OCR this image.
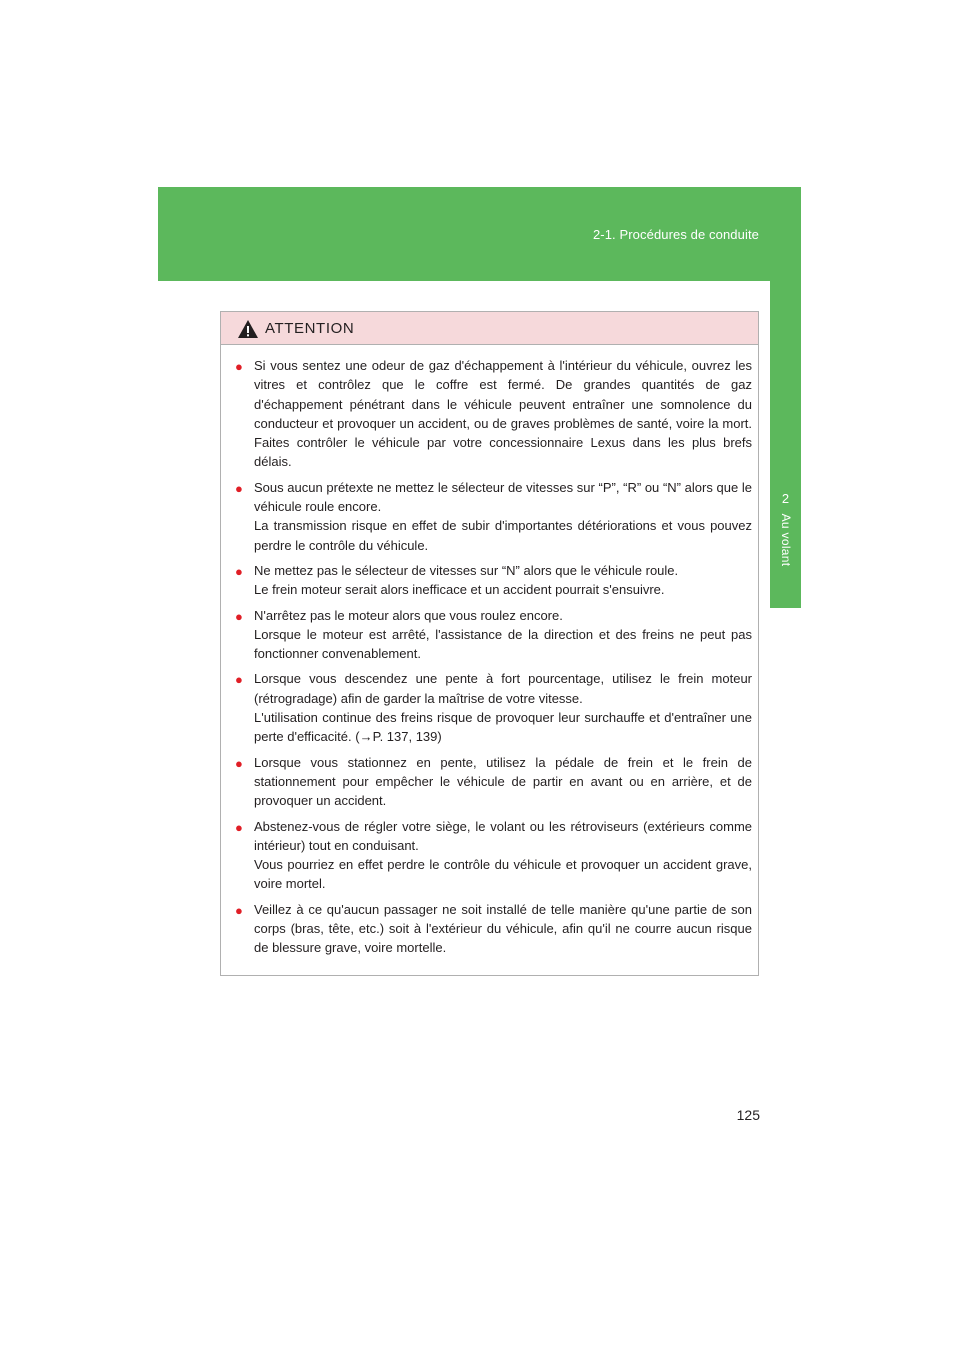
2-1. Procédures de conduite
2
Au volant
ATTENTION
● Si vous sentez une odeur de gaz d'échappement à l'intérieur du véhicule, ouvrez les vitres et contrôlez que le coffre est fermé. De grandes quantités de gaz d'échappement pénétrant dans le véhicule peuvent entraîner une somnolence du conducteur et provoquer un accident, ou de graves problèmes de santé, voire la mort. Faites contrôler le véhicule par votre concessionnaire Lexus dans les plus brefs délais.
● Sous aucun prétexte ne mettez le sélecteur de vitesses sur “P”, “R” ou “N” alors que le véhicule roule encore.
La transmission risque en effet de subir d'importantes détériorations et vous pouvez perdre le contrôle du véhicule.
● Ne mettez pas le sélecteur de vitesses sur “N” alors que le véhicule roule.
Le frein moteur serait alors inefficace et un accident pourrait s'ensuivre.
● N'arrêtez pas le moteur alors que vous roulez encore.
Lorsque le moteur est arrêté, l'assistance de la direction et des freins ne peut pas fonctionner convenablement.
● Lorsque vous descendez une pente à fort pourcentage, utilisez le frein moteur (rétrogradage) afin de garder la maîtrise de votre vitesse.
L'utilisation continue des freins risque de provoquer leur surchauffe et d'entraîner une perte d'efficacité. (→P. 137, 139)
● Lorsque vous stationnez en pente, utilisez la pédale de frein et le frein de stationnement pour empêcher le véhicule de partir en avant ou en arrière, et de provoquer un accident.
● Abstenez-vous de régler votre siège, le volant ou les rétroviseurs (extérieurs comme intérieur) tout en conduisant.
Vous pourriez en effet perdre le contrôle du véhicule et provoquer un accident grave, voire mortel.
● Veillez à ce qu'aucun passager ne soit installé de telle manière qu'une partie de son corps (bras, tête, etc.) soit à l'extérieur du véhicule, afin qu'il ne courre aucun risque de blessure grave, voire mortelle.
125
